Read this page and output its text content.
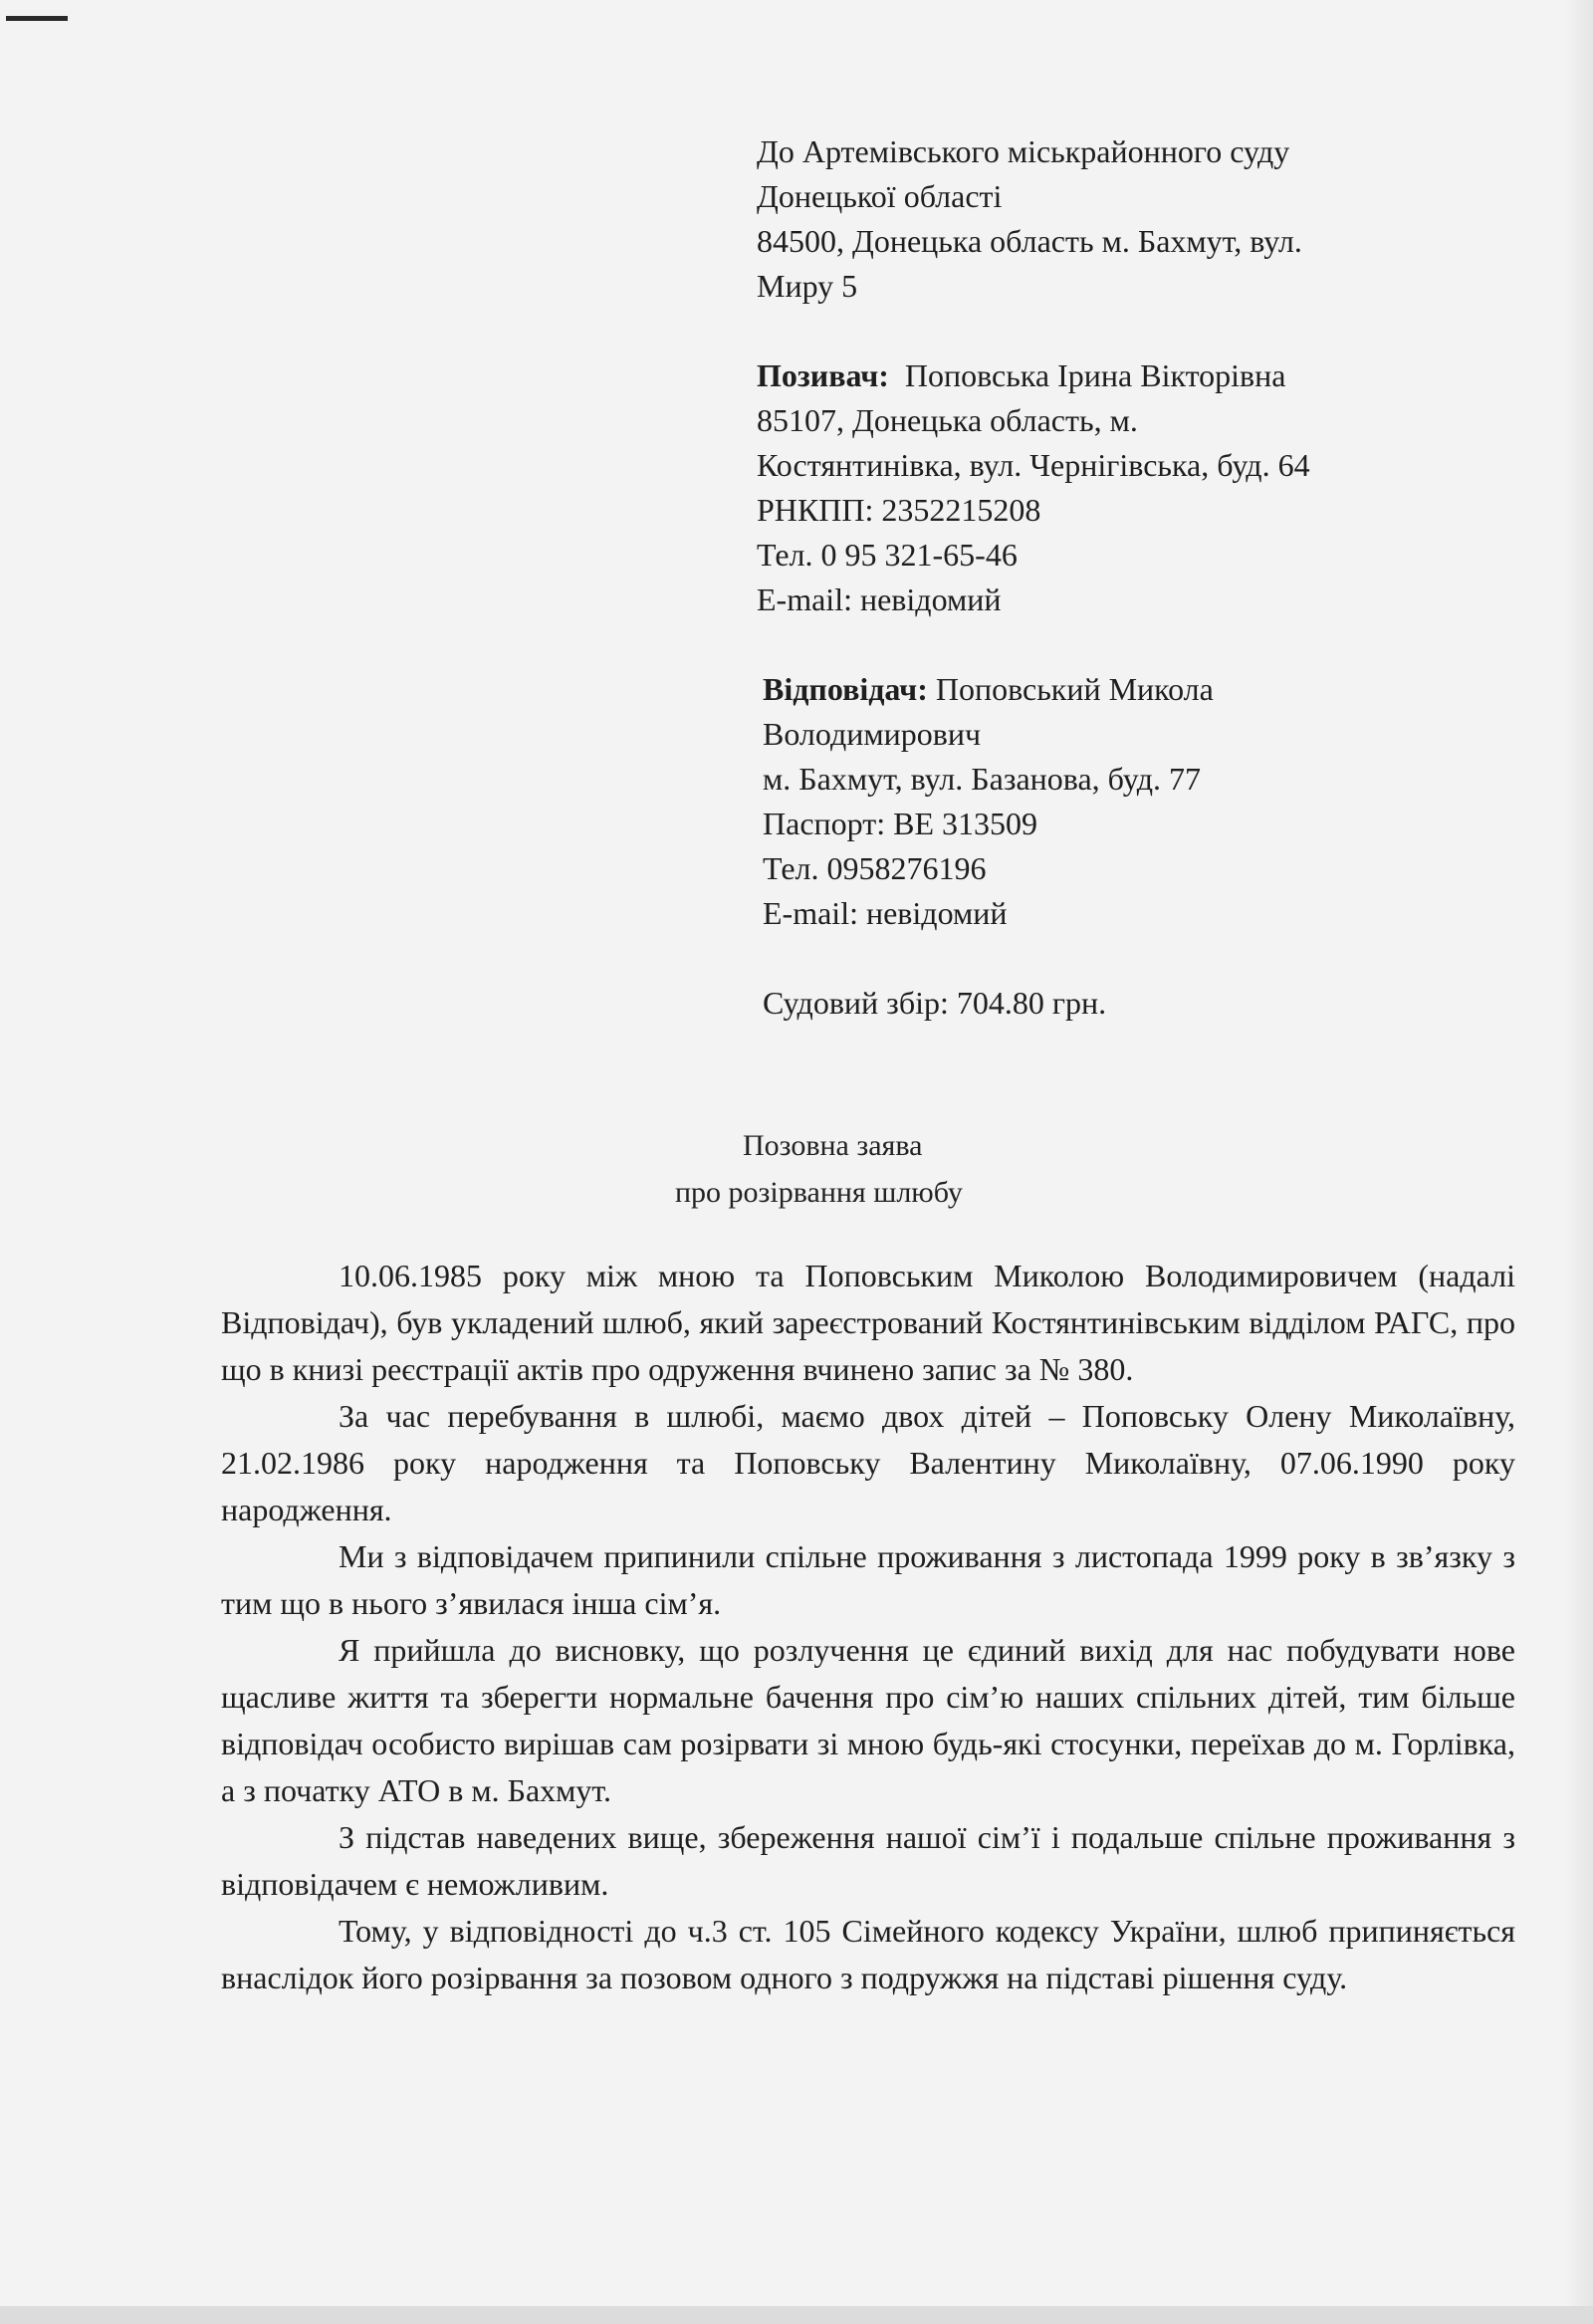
До Артемівського міськрайонного суду
Донецької області
84500, Донецька область м. Бахмут, вул.
Миру 5
Позивач: Поповська Ірина Вікторівна
85107, Донецька область, м.
Костянтинівка, вул. Чернігівська, буд. 64
РНКПП: 2352215208
Тел. 0 95 321-65-46
E-mail: невідомий
Відповідач: Поповський Микола
Володимирович
м. Бахмут, вул. Базанова, буд. 77
Паспорт: ВЕ 313509
Тел. 0958276196
E-mail: невідомий
Судовий збір: 704.80 грн.
Позовна заява
про розірвання шлюбу

10.06.1985 року між мною та Поповським Миколою Володимировичем (надалі Відповідач), був укладений шлюб, який зареєстрований Костянтинівським відділом РАГС, про що в книзі реєстрації актів про одруження вчинено запис за № 380.

За час перебування в шлюбі, маємо двох дітей – Поповську Олену Миколаївну, 21.02.1986 року народження та Поповську Валентину Миколаївну, 07.06.1990 року народження.

Ми з відповідачем припинили спільне проживання з листопада 1999 року в зв’язку з тим що в нього з’явилася інша сім’я.

Я прийшла до висновку, що розлучення це єдиний вихід для нас побудувати нове щасливе життя та зберегти нормальне бачення про сім’ю наших спільних дітей, тим більше відповідач особисто вирішав сам розірвати зі мною будь-які стосунки, переїхав до м. Горлівка, а з початку АТО в м. Бахмут.

З підстав наведених вище, збереження нашої сім’ї і подальше спільне проживання з відповідачем є неможливим.

Тому, у відповідності до ч.3 ст. 105 Сімейного кодексу України, шлюб припиняється внаслідок його розірвання за позовом одного з подружжя на підставі рішення суду.
